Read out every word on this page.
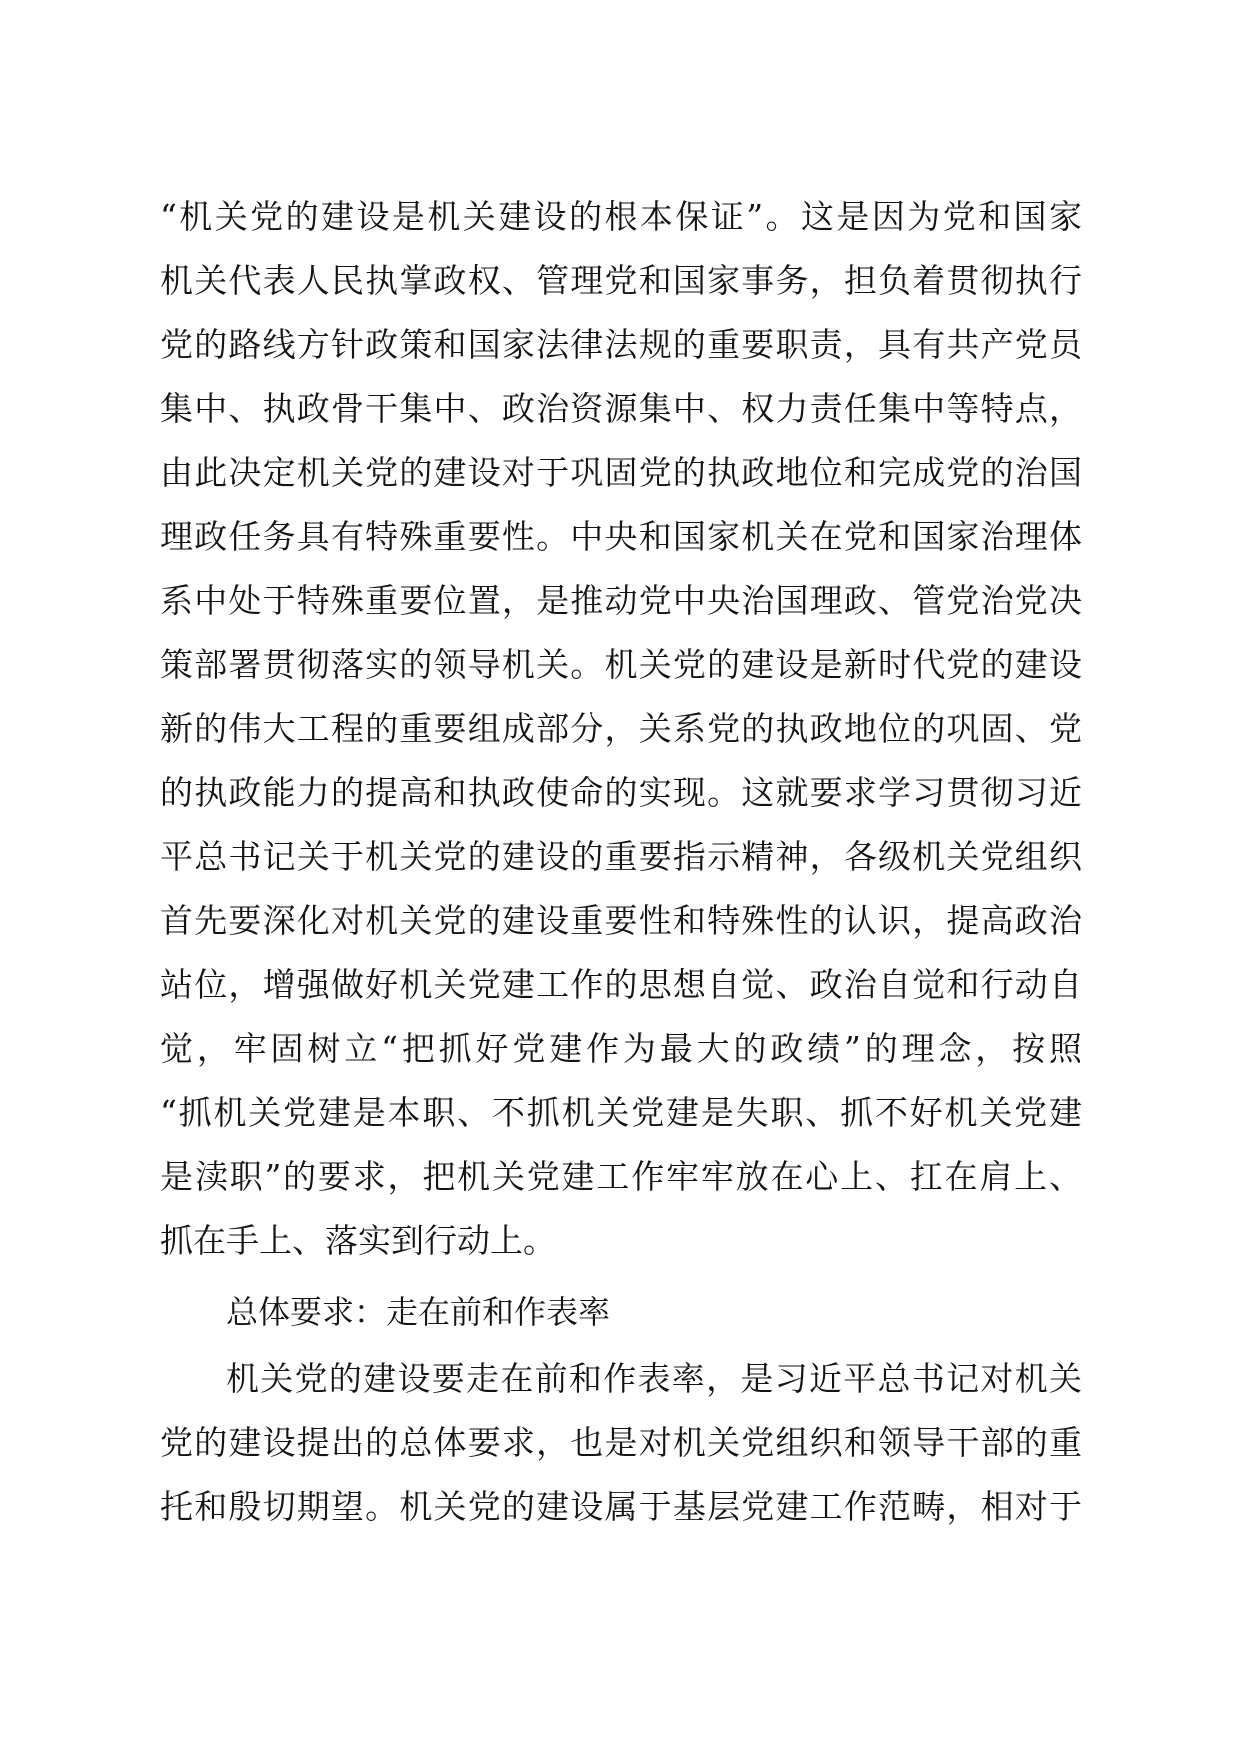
“机关党的建设是机关建设的根本保证”。这是因为党和国家
机关代表人民执掌政权、管理党和国家事务，担负着贯彻执行
党的路线方针政策和国家法律法规的重要职责，具有共产党员
集中、执政骨干集中、政治资源集中、权力责任集中等特点，
由此决定机关党的建设对于巩固党的执政地位和完成党的治国
理政任务具有特殊重要性。中央和国家机关在党和国家治理体
系中处于特殊重要位置，是推动党中央治国理政、管党治党决
策部署贯彻落实的领导机关。机关党的建设是新时代党的建设
新的伟大工程的重要组成部分，关系党的执政地位的巩固、党
的执政能力的提高和执政使命的实现。这就要求学习贯彻习近
平总书记关于机关党的建设的重要指示精神，各级机关党组织
首先要深化对机关党的建设重要性和特殊性的认识，提高政治
站位，增强做好机关党建工作的思想自觉、政治自觉和行动自
觉，牢固树立“把抓好党建作为最大的政绩”的理念，按照
“抓机关党建是本职、不抓机关党建是失职、抓不好机关党建
是渎职”的要求，把机关党建工作牢牢放在心上、扛在肩上、
抓在手上、落实到行动上。
总体要求：走在前和作表率
机关党的建设要走在前和作表率，是习近平总书记对机关
党的建设提出的总体要求，也是对机关党组织和领导干部的重
托和殷切期望。机关党的建设属于基层党建工作范畴，相对于
